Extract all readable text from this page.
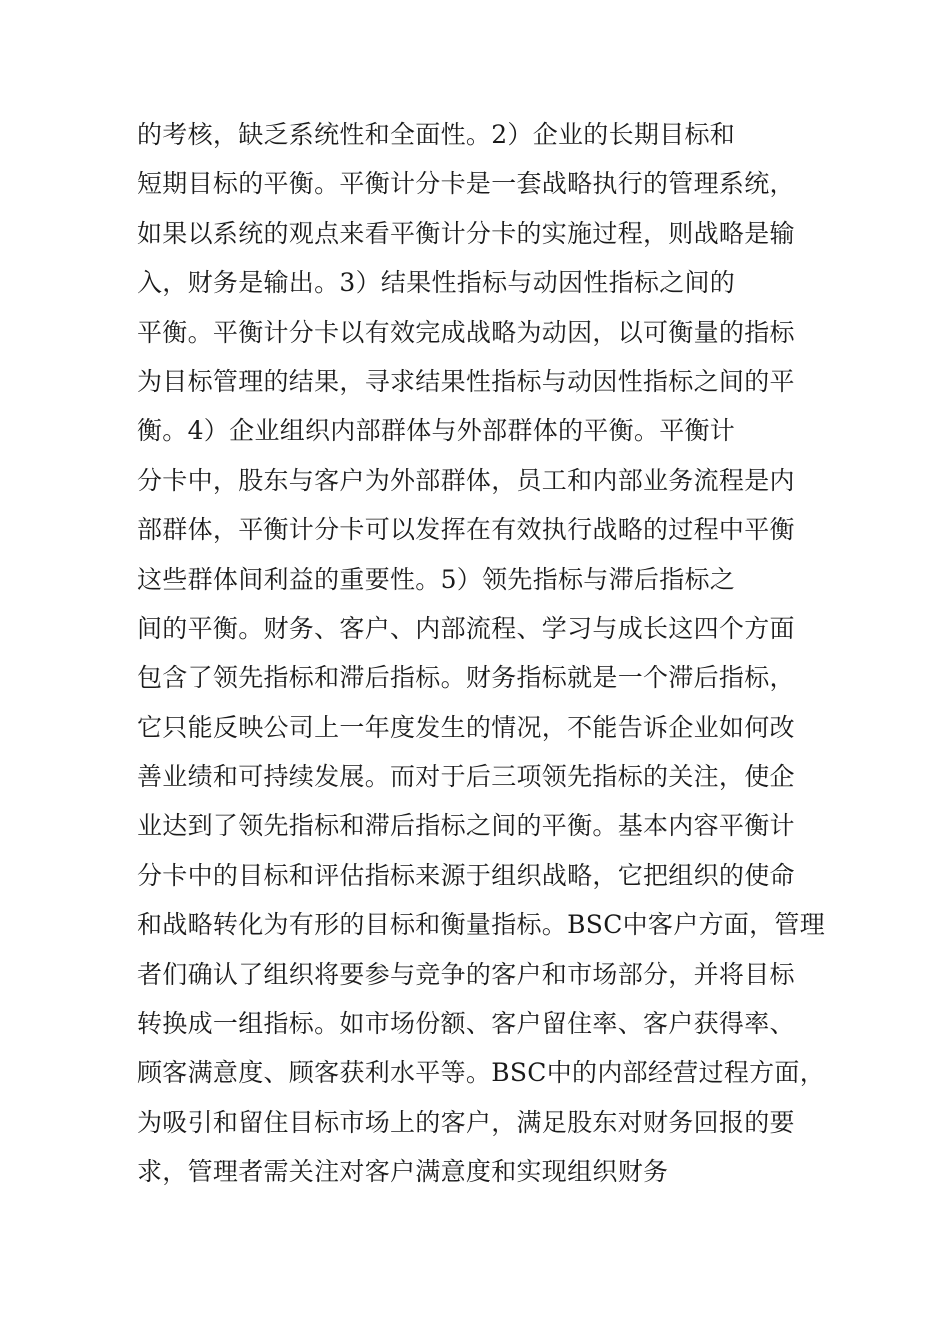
的考核，缺乏系统性和全面性。2）企业的长期目标和
短期目标的平衡。平衡计分卡是一套战略执行的管理系统，
如果以系统的观点来看平衡计分卡的实施过程，则战略是输
入，财务是输出。3）结果性指标与动因性指标之间的
平衡。平衡计分卡以有效完成战略为动因，以可衡量的指标
为目标管理的结果，寻求结果性指标与动因性指标之间的平
衡。4）企业组织内部群体与外部群体的平衡。平衡计
分卡中，股东与客户为外部群体，员工和内部业务流程是内
部群体，平衡计分卡可以发挥在有效执行战略的过程中平衡
这些群体间利益的重要性。5）领先指标与滞后指标之
间的平衡。财务、客户、内部流程、学习与成长这四个方面
包含了领先指标和滞后指标。财务指标就是一个滞后指标，
它只能反映公司上一年度发生的情况，不能告诉企业如何改
善业绩和可持续发展。而对于后三项领先指标的关注，使企
业达到了领先指标和滞后指标之间的平衡。基本内容平衡计
分卡中的目标和评估指标来源于组织战略，它把组织的使命
和战略转化为有形的目标和衡量指标。BSC中客户方面，管理
者们确认了组织将要参与竞争的客户和市场部分，并将目标
转换成一组指标。如市场份额、客户留住率、客户获得率、
顾客满意度、顾客获利水平等。BSC中的内部经营过程方面，
为吸引和留住目标市场上的客户，满足股东对财务回报的要
求，管理者需关注对客户满意度和实现组织财务
